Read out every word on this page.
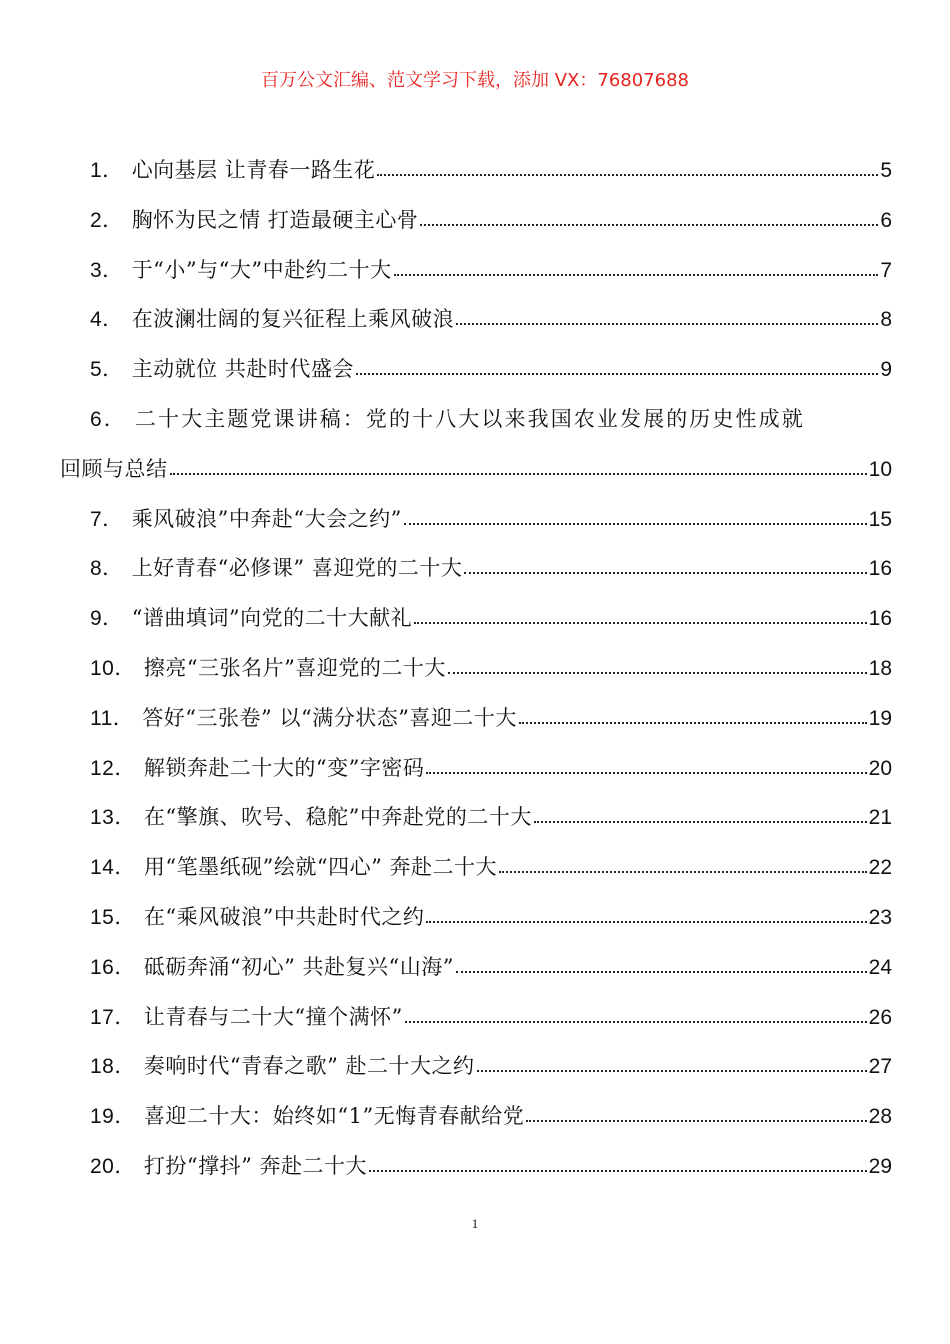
百万公文汇编、范文学习下载，添加 VX：76807688
1． 心向基层 让青春一路生花	5
2． 胸怀为民之情 打造最硬主心骨	6
3． 于“小”与“大”中赴约二十大	7
4． 在波澜壮阔的复兴征程上乘风破浪	8
5． 主动就位 共赴时代盛会	9
6． 二十大主题党课讲稿：党的十八大以来我国农业发展的历史性成就
回顾与总结	10
7． 乘风破浪”中奔赴“大会之约”	15
8． 上好青春“必修课” 喜迎党的二十大	16
9． “谱曲填词”向党的二十大献礼	16
10． 擦亮“三张名片”喜迎党的二十大	18
11． 答好“三张卷” 以“满分状态”喜迎二十大	19
12． 解锁奔赴二十大的“变”字密码	20
13． 在“擎旗、吹号、稳舵”中奔赴党的二十大	21
14． 用“笔墨纸砚”绘就“四心” 奔赴二十大	22
15． 在“乘风破浪”中共赴时代之约	23
16． 砥砺奔涌“初心” 共赴复兴“山海”	24
17． 让青春与二十大“撞个满怀”	26
18． 奏响时代“青春之歌” 赴二十大之约	27
19． 喜迎二十大：始终如“1”无悔青春献给党	28
20． 打扮“撑抖” 奔赴二十大	29
1
